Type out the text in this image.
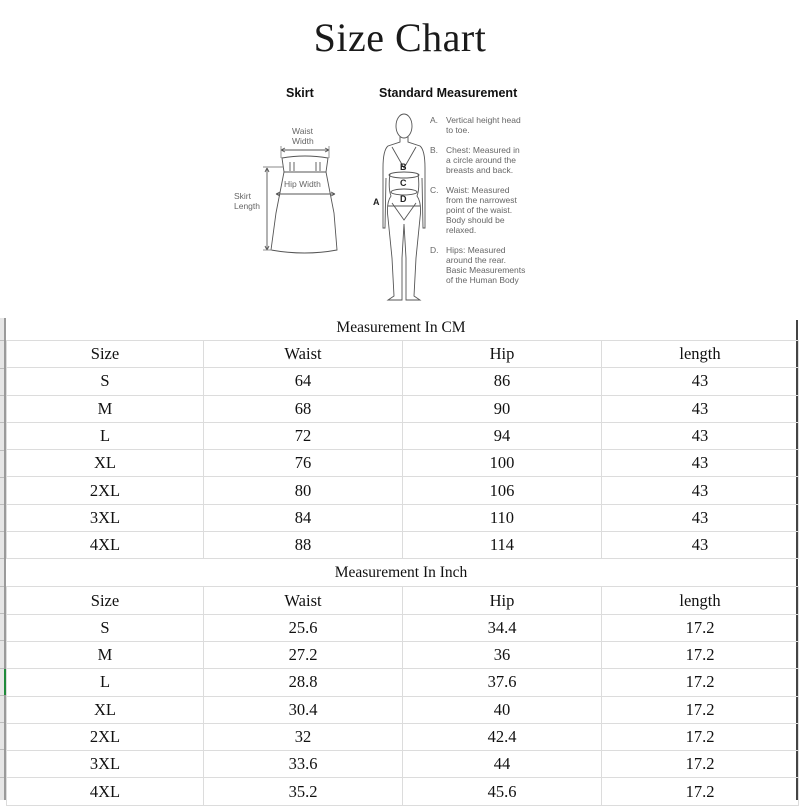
Size Chart
Skirt	Standard Measurement
Waist
Width
Hip Width
Skirt
Length
B
C
D
A
A. Vertical height head
to toe.
B. Chest: Measured in
a circle around the
breasts and back.
C. Waist: Measured
from the narrowest
point of the waist.
Body should be
relaxed.
D. Hips: Measured
around the rear.
Basic Measurements
of the Human Body
Measurement In CM
Size	Waist	Hip	length
S	64	86	43
M	68	90	43
L	72	94	43
XL	76	100	43
2XL	80	106	43
3XL	84	110	43
4XL	88	114	43
Measurement In Inch
Size	Waist	Hip	length
S	25.6	34.4	17.2
M	27.2	36	17.2
L	28.8	37.6	17.2
XL	30.4	40	17.2
2XL	32	42.4	17.2
3XL	33.6	44	17.2
4XL	35.2	45.6	17.2
